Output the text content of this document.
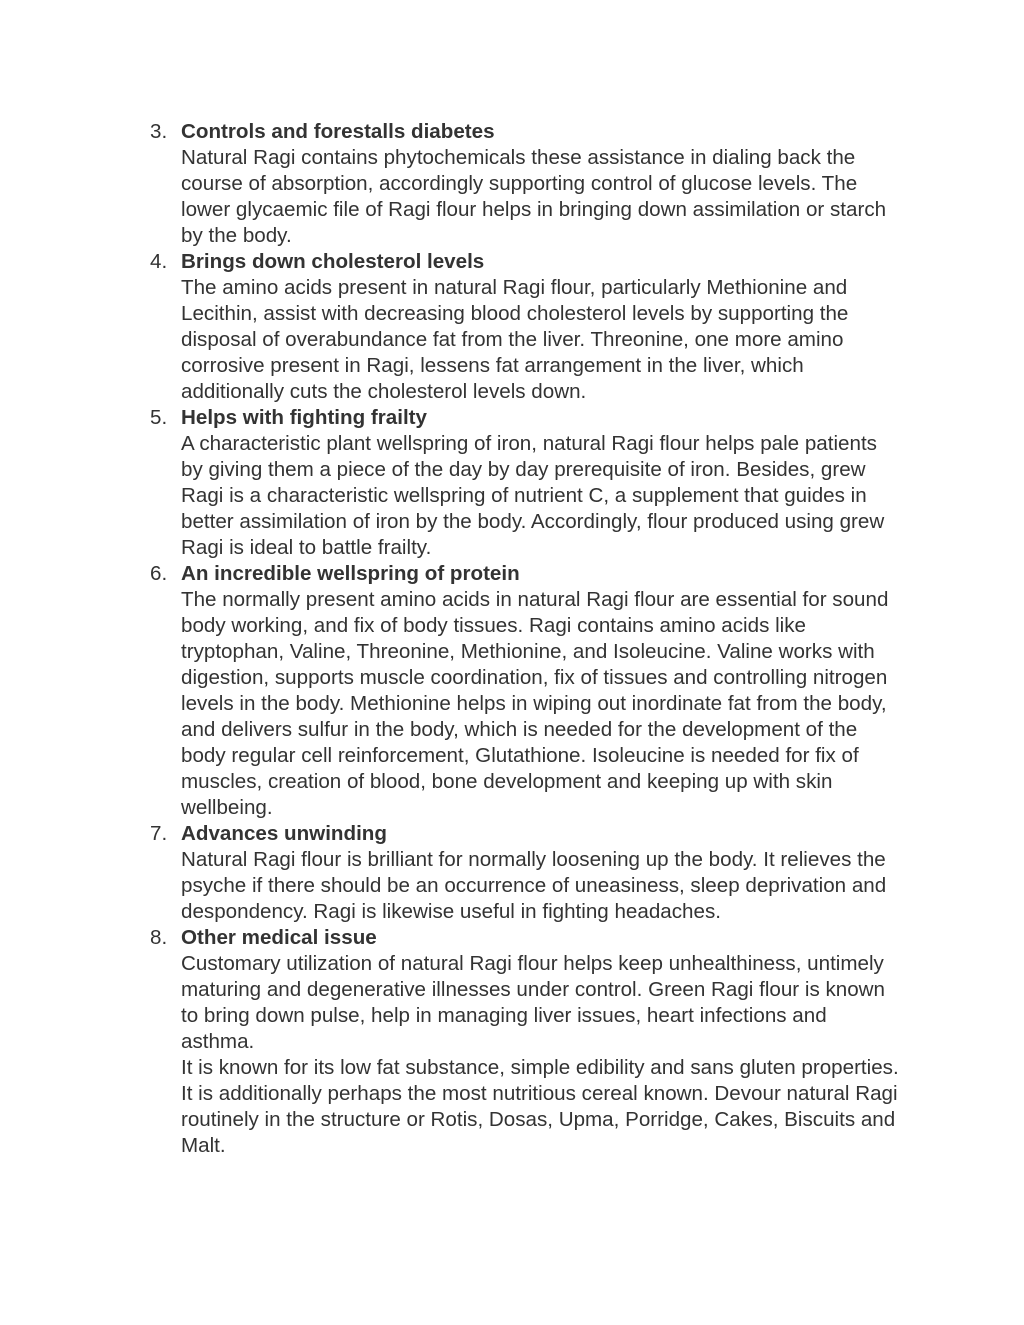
3. Controls and forestalls diabetes
Natural Ragi contains phytochemicals these assistance in dialing back the course of absorption, accordingly supporting control of glucose levels. The lower glycaemic file of Ragi flour helps in bringing down assimilation or starch by the body.
4. Brings down cholesterol levels
The amino acids present in natural Ragi flour, particularly Methionine and Lecithin, assist with decreasing blood cholesterol levels by supporting the disposal of overabundance fat from the liver. Threonine, one more amino corrosive present in Ragi, lessens fat arrangement in the liver, which additionally cuts the cholesterol levels down.
5. Helps with fighting frailty
A characteristic plant wellspring of iron, natural Ragi flour helps pale patients by giving them a piece of the day by day prerequisite of iron. Besides, grew Ragi is a characteristic wellspring of nutrient C, a supplement that guides in better assimilation of iron by the body. Accordingly, flour produced using grew Ragi is ideal to battle frailty.
6. An incredible wellspring of protein
The normally present amino acids in natural Ragi flour are essential for sound body working, and fix of body tissues. Ragi contains amino acids like tryptophan, Valine, Threonine, Methionine, and Isoleucine. Valine works with digestion, supports muscle coordination, fix of tissues and controlling nitrogen levels in the body. Methionine helps in wiping out inordinate fat from the body, and delivers sulfur in the body, which is needed for the development of the body regular cell reinforcement, Glutathione. Isoleucine is needed for fix of muscles, creation of blood, bone development and keeping up with skin wellbeing.
7. Advances unwinding
Natural Ragi flour is brilliant for normally loosening up the body. It relieves the psyche if there should be an occurrence of uneasiness, sleep deprivation and despondency. Ragi is likewise useful in fighting headaches.
8. Other medical issue
Customary utilization of natural Ragi flour helps keep unhealthiness, untimely maturing and degenerative illnesses under control. Green Ragi flour is known to bring down pulse, help in managing liver issues, heart infections and asthma.
It is known for its low fat substance, simple edibility and sans gluten properties. It is additionally perhaps the most nutritious cereal known. Devour natural Ragi routinely in the structure or Rotis, Dosas, Upma, Porridge, Cakes, Biscuits and Malt.
